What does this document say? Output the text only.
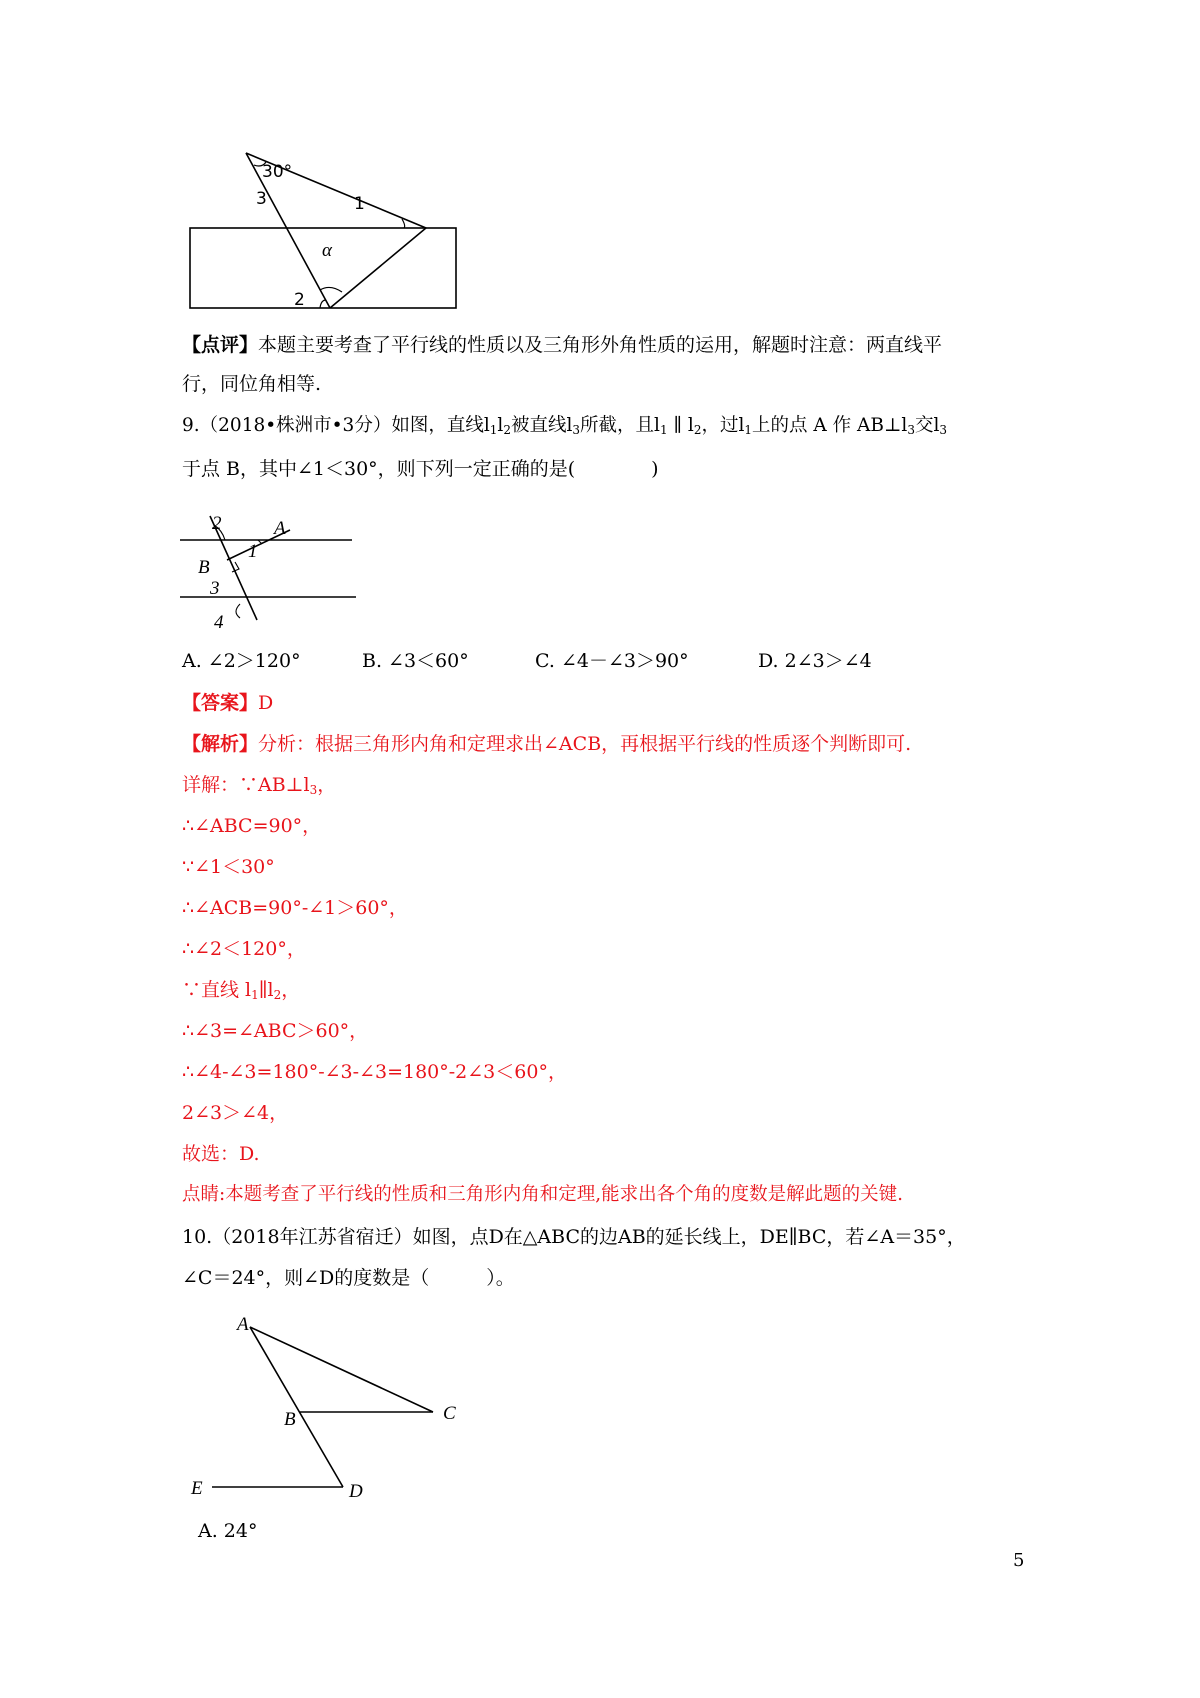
30°
3	1
α
2
【点评】本题主要考查了平行线的性质以及三角形外角性质的运用，解题时注意：两直线平
行，同位角相等.
9.（2018•株洲市•3分）如图，直线$l_1l_2$被直线$l_3$所截，且$l_1$ ∥ $l_2$，过$l_1$上的点 A 作 $AB\perp l_3$交$l_3$
于点 B，其中∠1＜30°，则下列一定正确的是(　　　　)
2	A
1
B
3
4
A. ∠2＞120°	B. ∠3＜60°	C. ∠4－∠3＞90°	D. 2∠3＞∠4
【答案】D
【解析】分析：根据三角形内角和定理求出∠ACB，再根据平行线的性质逐个判断即可.
详解：$\because AB\perp l_3$，
∴∠ABC=90°，
∵∠1＜30°
∴∠ACB=90°-∠1＞60°，
∴∠2＜120°，
∵直线 $l_1\parallel l_2$，
∴∠3=∠ABC＞60°，
∴∠4-∠3=180°-∠3-∠3=180°-2∠3＜60°，
2∠3＞∠4，
故选：D.
点睛:本题考查了平行线的性质和三角形内角和定理,能求出各个角的度数是解此题的关键.
10.（2018年江苏省宿迁）如图，点D在△ABC的边AB的延长线上，DE∥BC，若∠A＝35°，
∠C＝24°，则∠D的度数是（　　　）。
A
B	C
E	D
A. 24°
5
